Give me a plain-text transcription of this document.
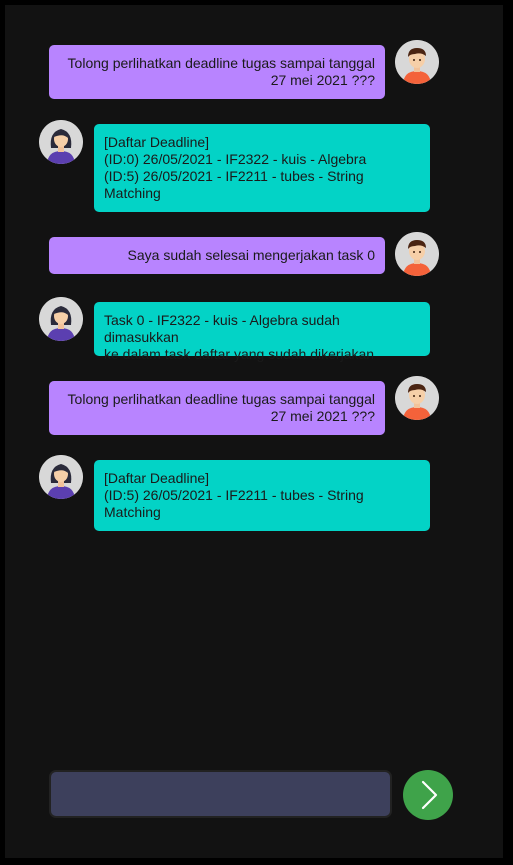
Tolong perlihatkan deadline tugas sampai tanggal
27 mei 2021 ???
[Daftar Deadline]
(ID:0) 26/05/2021 - IF2322 - kuis - Algebra
(ID:5) 26/05/2021 - IF2211 - tubes - String
Matching
Saya sudah selesai mengerjakan task 0
Task 0 - IF2322 - kuis - Algebra sudah dimasukkan
ke dalam task daftar yang sudah dikerjakan
Tolong perlihatkan deadline tugas sampai tanggal
27 mei 2021 ???
[Daftar Deadline]
(ID:5) 26/05/2021 - IF2211 - tubes - String
Matching
